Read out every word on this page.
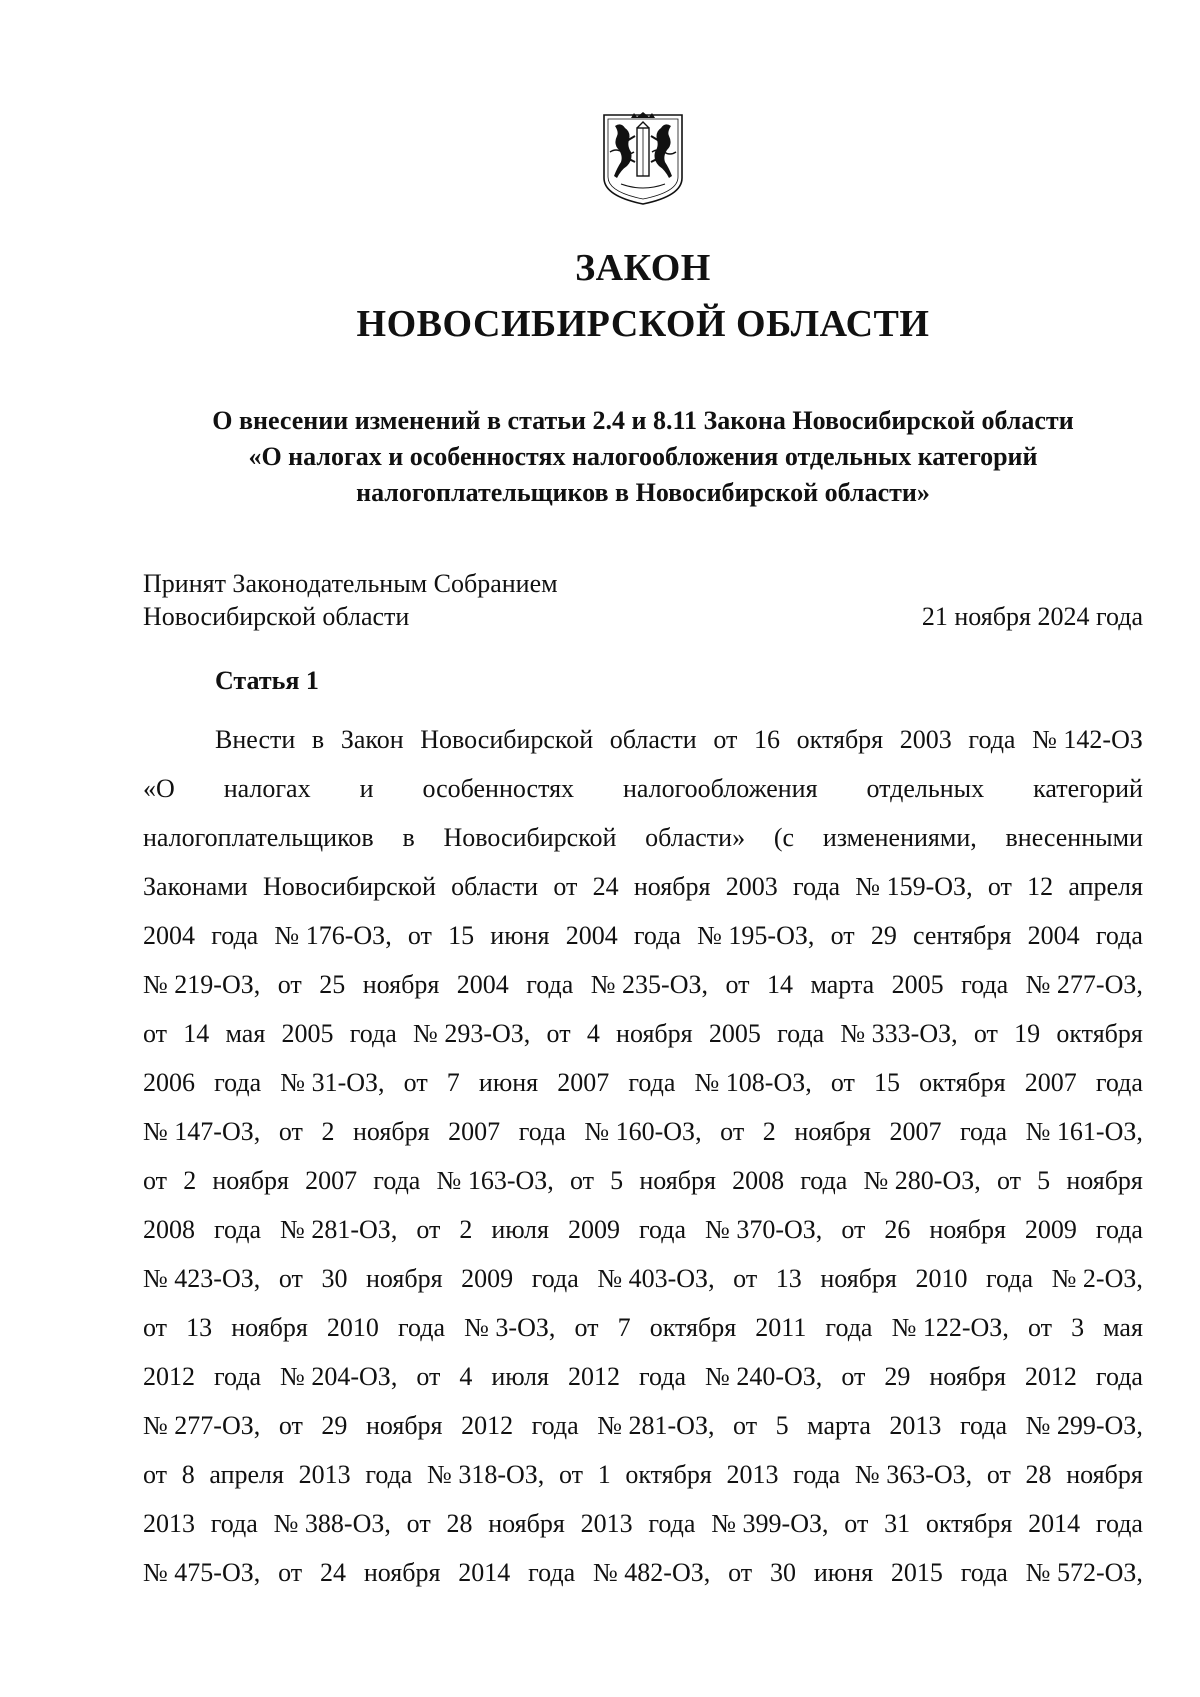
ЗАКОН
НОВОСИБИРСКОЙ ОБЛАСТИ
О внесении изменений в статьи 2.4 и 8.11 Закона Новосибирской области
«О налогах и особенностях налогообложения отдельных категорий
налогоплательщиков в Новосибирской области»
Принят Законодательным Собранием
Новосибирской области	21 ноября 2024 года
Статья 1
Внести в Закон Новосибирской области от 16 октября 2003 года № 142-ОЗ
«О налогах и особенностях налогообложения отдельных категорий
налогоплательщиков в Новосибирской области» (с изменениями, внесенными
Законами Новосибирской области от 24 ноября 2003 года № 159-ОЗ, от 12 апреля
2004 года № 176-ОЗ, от 15 июня 2004 года № 195-ОЗ, от 29 сентября 2004 года
№ 219-ОЗ, от 25 ноября 2004 года № 235-ОЗ, от 14 марта 2005 года № 277-ОЗ,
от 14 мая 2005 года № 293-ОЗ, от 4 ноября 2005 года № 333-ОЗ, от 19 октября
2006 года № 31-ОЗ, от 7 июня 2007 года № 108-ОЗ, от 15 октября 2007 года
№ 147-ОЗ, от 2 ноября 2007 года № 160-ОЗ, от 2 ноября 2007 года № 161-ОЗ,
от 2 ноября 2007 года № 163-ОЗ, от 5 ноября 2008 года № 280-ОЗ, от 5 ноября
2008 года № 281-ОЗ, от 2 июля 2009 года № 370-ОЗ, от 26 ноября 2009 года
№ 423-ОЗ, от 30 ноября 2009 года № 403-ОЗ, от 13 ноября 2010 года № 2-ОЗ,
от 13 ноября 2010 года № 3-ОЗ, от 7 октября 2011 года № 122-ОЗ, от 3 мая
2012 года № 204-ОЗ, от 4 июля 2012 года № 240-ОЗ, от 29 ноября 2012 года
№ 277-ОЗ, от 29 ноября 2012 года № 281-ОЗ, от 5 марта 2013 года № 299-ОЗ,
от 8 апреля 2013 года № 318-ОЗ, от 1 октября 2013 года № 363-ОЗ, от 28 ноября
2013 года № 388-ОЗ, от 28 ноября 2013 года № 399-ОЗ, от 31 октября 2014 года
№ 475-ОЗ, от 24 ноября 2014 года № 482-ОЗ, от 30 июня 2015 года № 572-ОЗ,
